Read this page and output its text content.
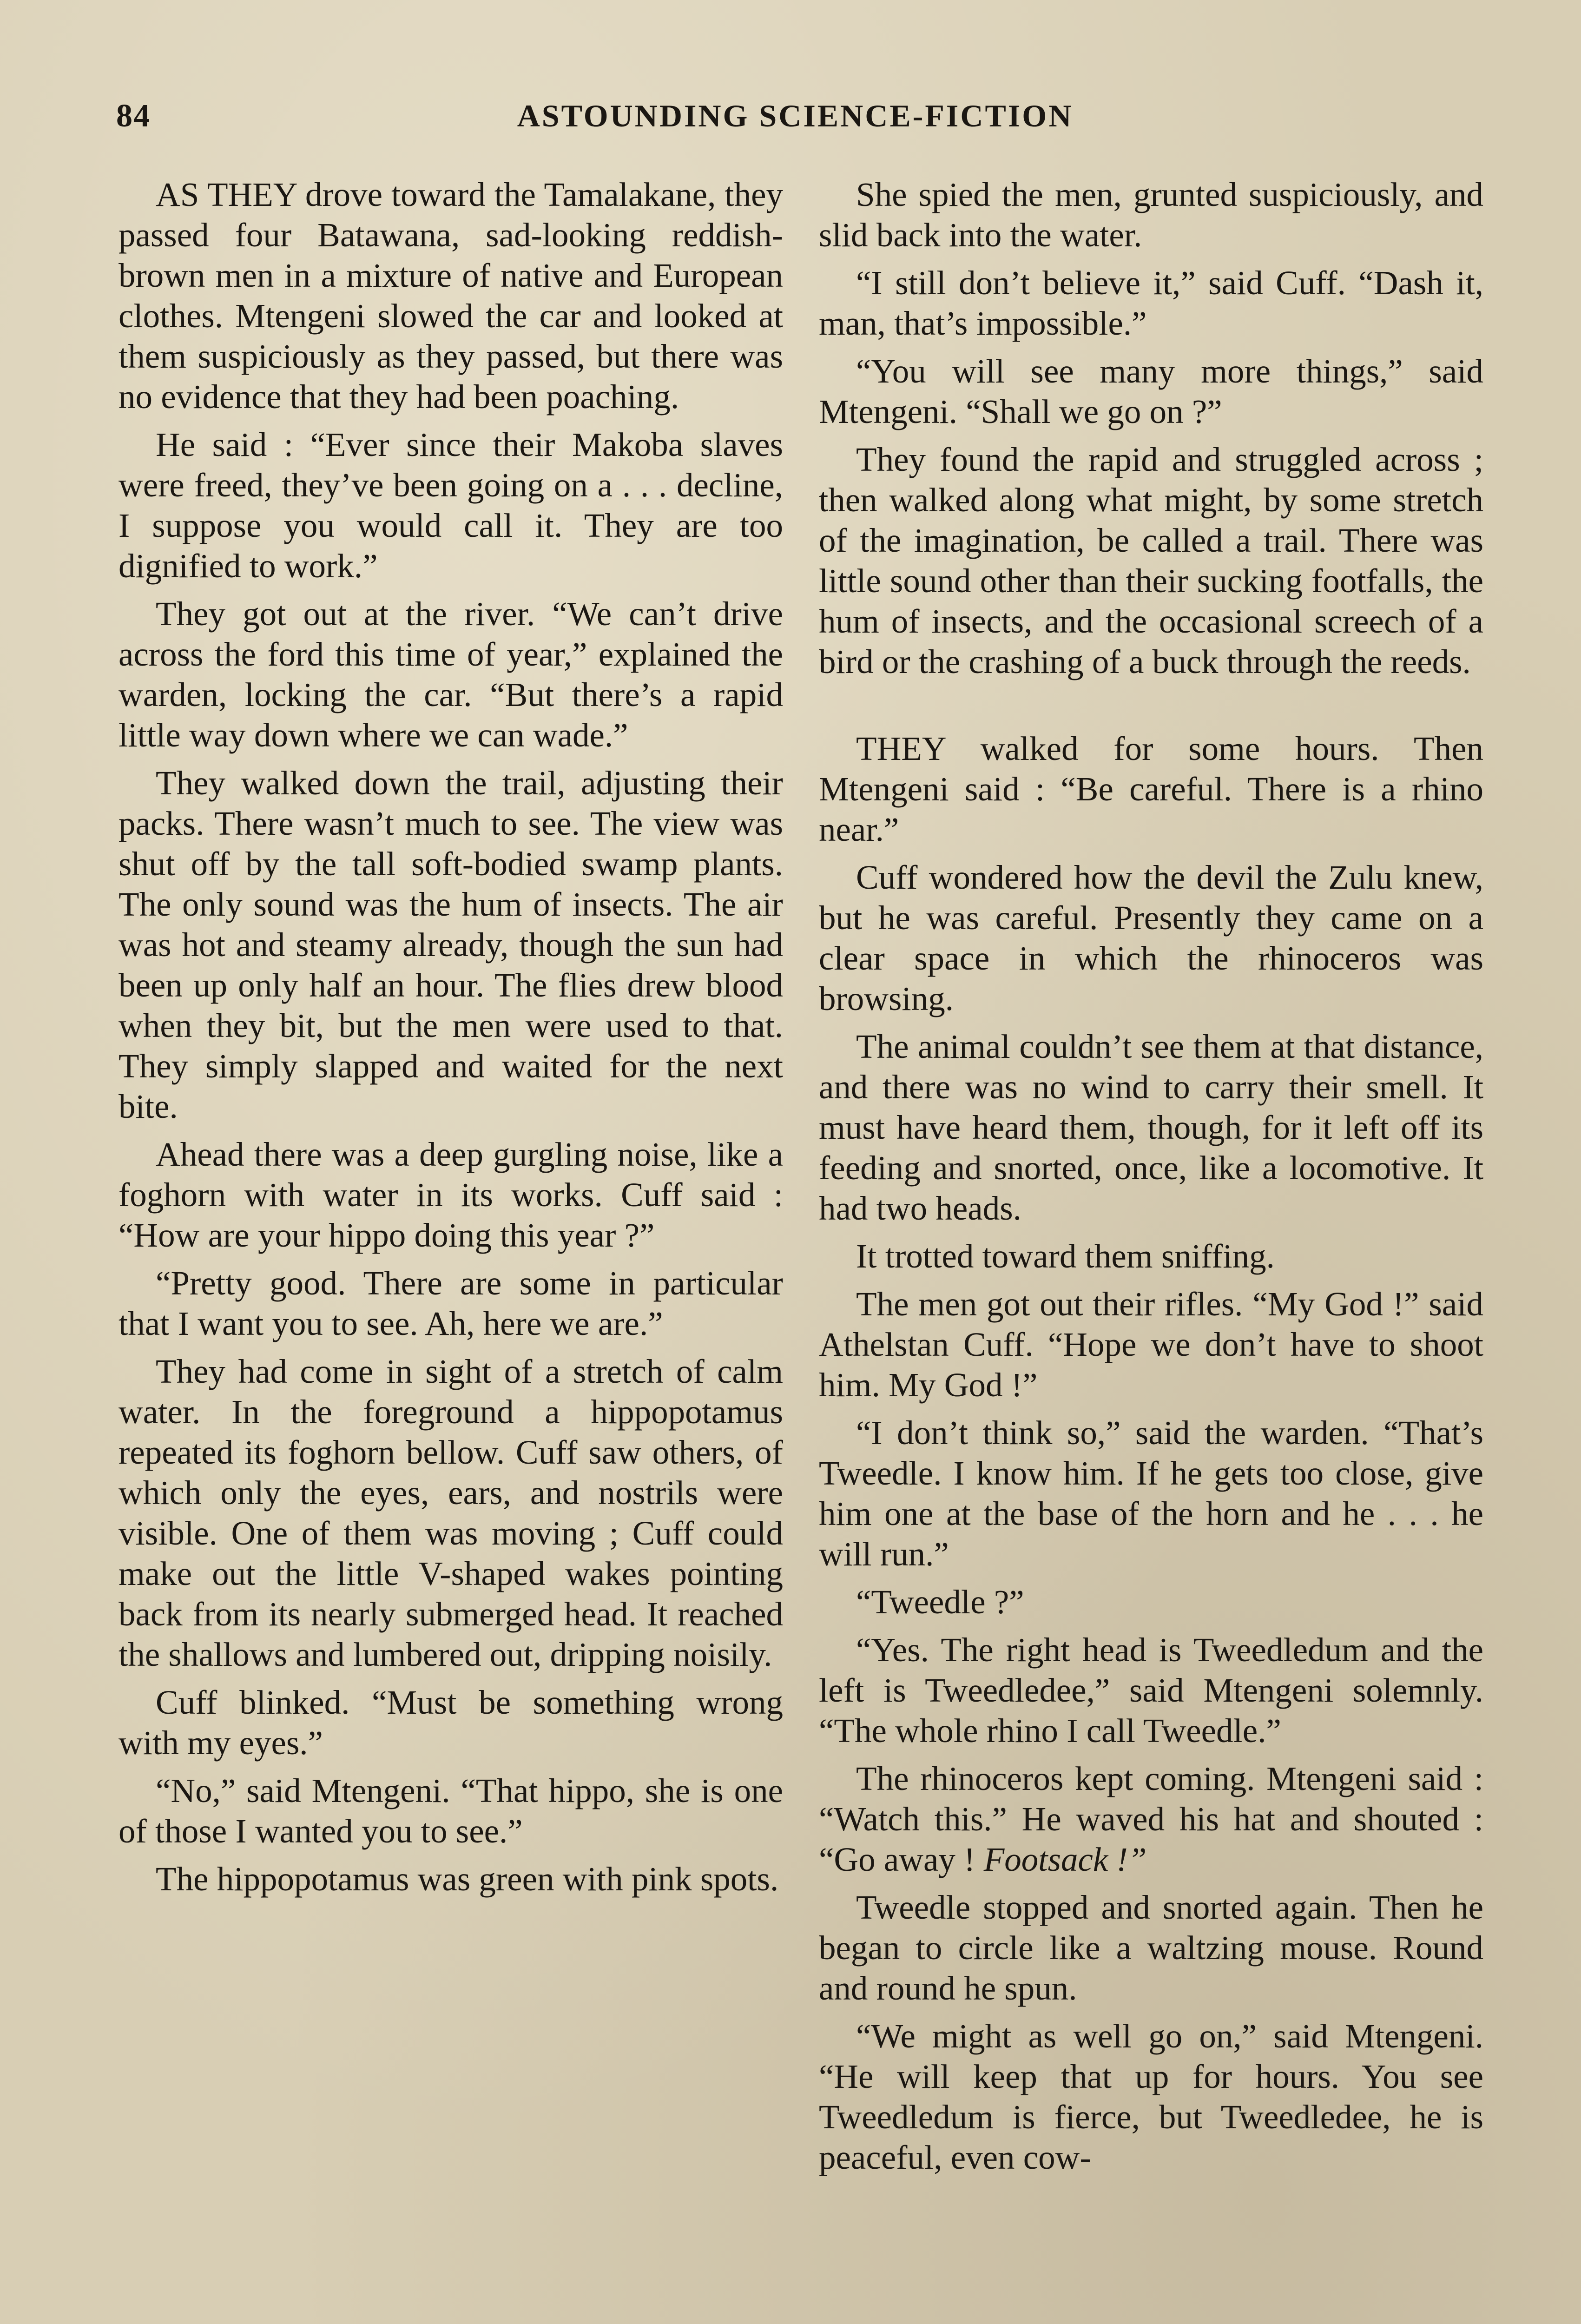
84	ASTOUNDING SCIENCE-FICTION

AS THEY drove toward the Tamalakane, they passed four Batawana, sad-looking reddish-brown men in a mixture of native and European clothes. Mtengeni slowed the car and looked at them suspiciously as they passed, but there was no evidence that they had been poaching.

He said : “Ever since their Makoba slaves were freed, they’ve been going on a . . . decline, I suppose you would call it. They are too dignified to work.”

They got out at the river. “We can’t drive across the ford this time of year,” explained the warden, locking the car. “But there’s a rapid little way down where we can wade.”

They walked down the trail, adjusting their packs. There wasn’t much to see. The view was shut off by the tall soft-bodied swamp plants. The only sound was the hum of insects. The air was hot and steamy already, though the sun had been up only half an hour. The flies drew blood when they bit, but the men were used to that. They simply slapped and waited for the next bite.

Ahead there was a deep gurgling noise, like a foghorn with water in its works. Cuff said : “How are your hippo doing this year ?”

“Pretty good. There are some in particular that I want you to see. Ah, here we are.”

They had come in sight of a stretch of calm water. In the foreground a hippopotamus repeated its foghorn bellow. Cuff saw others, of which only the eyes, ears, and nostrils were visible. One of them was moving ; Cuff could make out the little V-shaped wakes pointing back from its nearly submerged head. It reached the shallows and lumbered out, dripping noisily.

Cuff blinked. “Must be something wrong with my eyes.”

“No,” said Mtengeni. “That hippo, she is one of those I wanted you to see.”

The hippopotamus was green with pink spots.

She spied the men, grunted suspiciously, and slid back into the water.

“I still don’t believe it,” said Cuff. “Dash it, man, that’s impossible.”

“You will see many more things,” said Mtengeni. “Shall we go on ?”

They found the rapid and struggled across ; then walked along what might, by some stretch of the imagination, be called a trail. There was little sound other than their sucking footfalls, the hum of insects, and the occasional screech of a bird or the crashing of a buck through the reeds.

THEY walked for some hours. Then Mtengeni said : “Be careful. There is a rhino near.”

Cuff wondered how the devil the Zulu knew, but he was careful. Presently they came on a clear space in which the rhinoceros was browsing.

The animal couldn’t see them at that distance, and there was no wind to carry their smell. It must have heard them, though, for it left off its feeding and snorted, once, like a locomotive. It had two heads.

It trotted toward them sniffing.

The men got out their rifles. “My God !” said Athelstan Cuff. “Hope we don’t have to shoot him. My God !”

“I don’t think so,” said the warden. “That’s Tweedle. I know him. If he gets too close, give him one at the base of the horn and he . . . he will run.”

“Tweedle ?”

“Yes. The right head is Tweedledum and the left is Tweedledee,” said Mtengeni solemnly. “The whole rhino I call Tweedle.”

The rhinoceros kept coming. Mtengeni said : “Watch this.” He waved his hat and shouted : “Go away ! Footsack !”

Tweedle stopped and snorted again. Then he began to circle like a waltzing mouse. Round and round he spun.

“We might as well go on,” said Mtengeni. “He will keep that up for hours. You see Tweedledum is fierce, but Tweedledee, he is peaceful, even cow-
